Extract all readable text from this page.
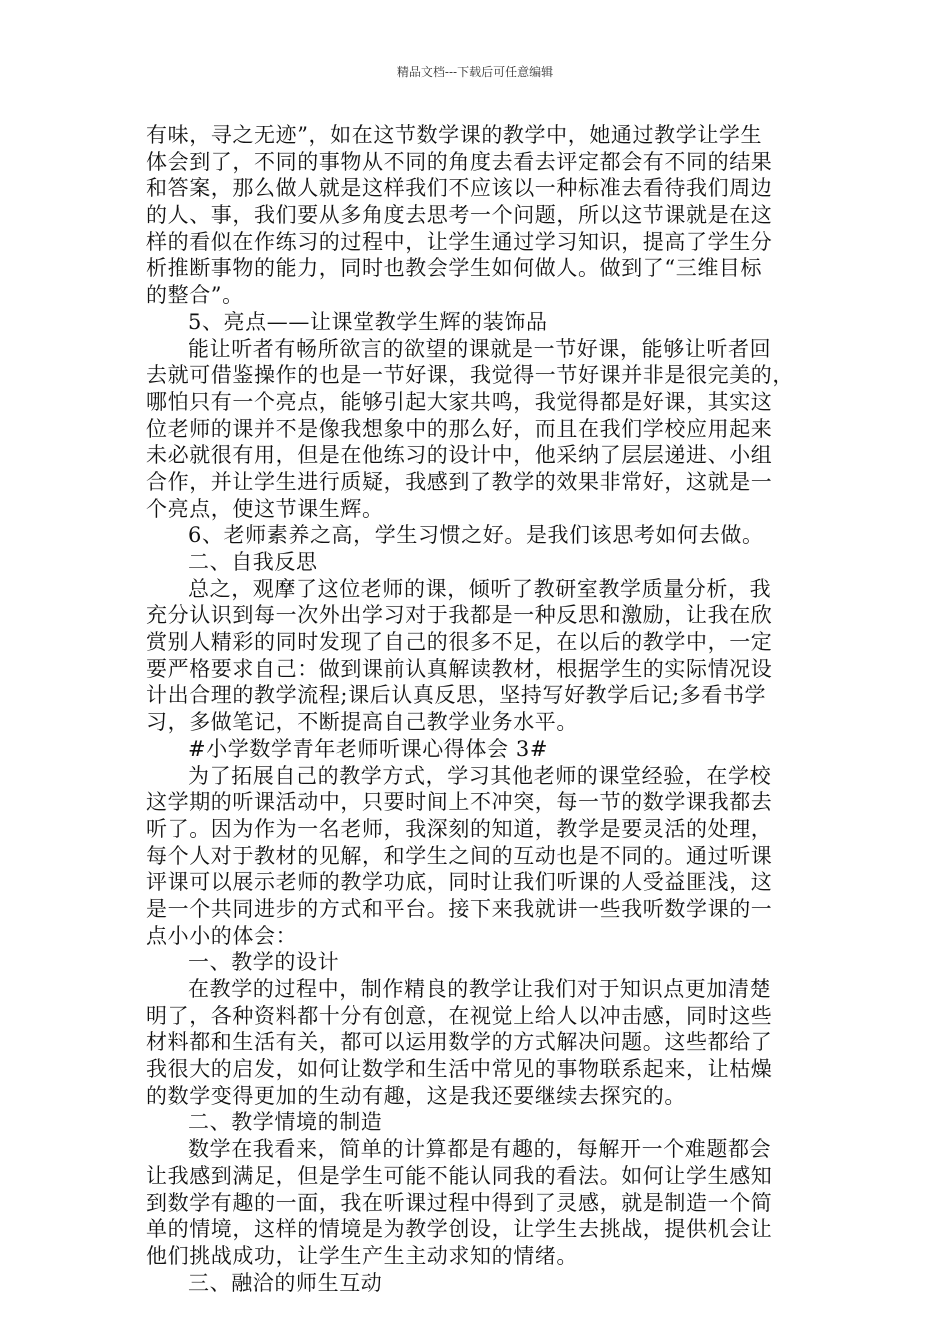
精品文档---下载后可任意编辑
有味，寻之无迹”，如在这节数学课的教学中，她通过教学让学生
体会到了，不同的事物从不同的角度去看去评定都会有不同的结果
和答案，那么做人就是这样我们不应该以一种标准去看待我们周边
的人、事，我们要从多角度去思考一个问题，所以这节课就是在这
样的看似在作练习的过程中，让学生通过学习知识，提高了学生分
析推断事物的能力，同时也教会学生如何做人。做到了“三维目标
的整合”。
5、亮点——让课堂教学生辉的装饰品
能让听者有畅所欲言的欲望的课就是一节好课，能够让听者回
去就可借鉴操作的也是一节好课，我觉得一节好课并非是很完美的，
哪怕只有一个亮点，能够引起大家共鸣，我觉得都是好课，其实这
位老师的课并不是像我想象中的那么好，而且在我们学校应用起来
未必就很有用，但是在他练习的设计中，他采纳了层层递进、小组
合作，并让学生进行质疑，我感到了教学的效果非常好，这就是一
个亮点，使这节课生辉。
6、老师素养之高，学生习惯之好。是我们该思考如何去做。
二、自我反思
总之，观摩了这位老师的课，倾听了教研室教学质量分析，我
充分认识到每一次外出学习对于我都是一种反思和激励，让我在欣
赏别人精彩的同时发现了自己的很多不足，在以后的教学中，一定
要严格要求自己：做到课前认真解读教材，根据学生的实际情况设
计出合理的教学流程;课后认真反思，坚持写好教学后记;多看书学
习，多做笔记，不断提高自己教学业务水平。
#小学数学青年老师听课心得体会 3#
为了拓展自己的教学方式，学习其他老师的课堂经验，在学校
这学期的听课活动中，只要时间上不冲突，每一节的数学课我都去
听了。因为作为一名老师，我深刻的知道，教学是要灵活的处理，
每个人对于教材的见解，和学生之间的互动也是不同的。通过听课
评课可以展示老师的教学功底，同时让我们听课的人受益匪浅，这
是一个共同进步的方式和平台。接下来我就讲一些我听数学课的一
点小小的体会：
一、教学的设计
在教学的过程中，制作精良的教学让我们对于知识点更加清楚
明了，各种资料都十分有创意，在视觉上给人以冲击感，同时这些
材料都和生活有关，都可以运用数学的方式解决问题。这些都给了
我很大的启发，如何让数学和生活中常见的事物联系起来，让枯燥
的数学变得更加的生动有趣，这是我还要继续去探究的。
二、教学情境的制造
数学在我看来，简单的计算都是有趣的，每解开一个难题都会
让我感到满足，但是学生可能不能认同我的看法。如何让学生感知
到数学有趣的一面，我在听课过程中得到了灵感，就是制造一个简
单的情境，这样的情境是为教学创设，让学生去挑战，提供机会让
他们挑战成功，让学生产生主动求知的情绪。
三、融洽的师生互动
